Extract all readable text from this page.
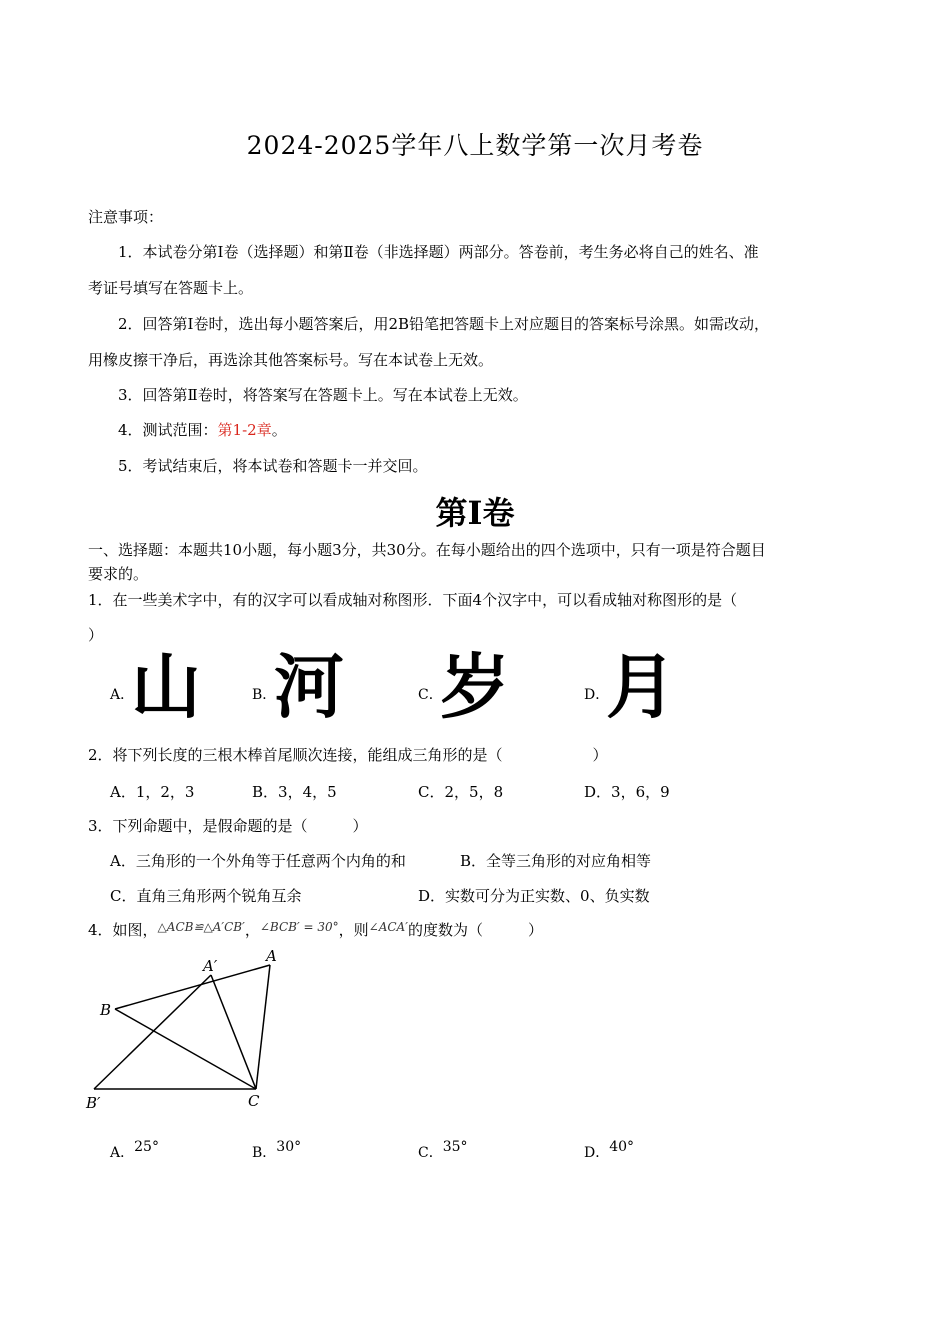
2024-2025学年八上数学第一次月考卷
注意事项：
1．本试卷分第Ⅰ卷（选择题）和第Ⅱ卷（非选择题）两部分。答卷前，考生务必将自己的姓名、准
考证号填写在答题卡上。
2．回答第Ⅰ卷时，选出每小题答案后，用2B铅笔把答题卡上对应题目的答案标号涂黑。如需改动，
用橡皮擦干净后，再选涂其他答案标号。写在本试卷上无效。
3．回答第Ⅱ卷时，将答案写在答题卡上。写在本试卷上无效。
4．测试范围：第1-2章。
5．考试结束后，将本试卷和答题卡一并交回。
第Ⅰ卷
一、选择题：本题共10小题，每小题3分，共30分。在每小题给出的四个选项中，只有一项是符合题目
要求的。
1．在一些美术字中，有的汉字可以看成轴对称图形．下面4个汉字中，可以看成轴对称图形的是（
）
A．
山	B．
河	C．
岁	D．
月
2．将下列长度的三根木棒首尾顺次连接，能组成三角形的是（　　　　　　）
A．1，2，3	B．3，4，5	C．2，5，8	D．3，6，9
3．下列命题中，是假命题的是（　　　）
A．三角形的一个外角等于任意两个内角的和	B．全等三角形的对应角相等
C．直角三角形两个锐角互余	D．实数可分为正实数、0、负实数
4．如图，$^{\triangle ACB≌\triangle A'CB'}$，$^{\angle BCB' = 30^\circ}$，则$^{\angle ACA'}$的度数为（　　　）
A
A′
B
B′	C
A．25°	B．30°	C．35°	D．40°
